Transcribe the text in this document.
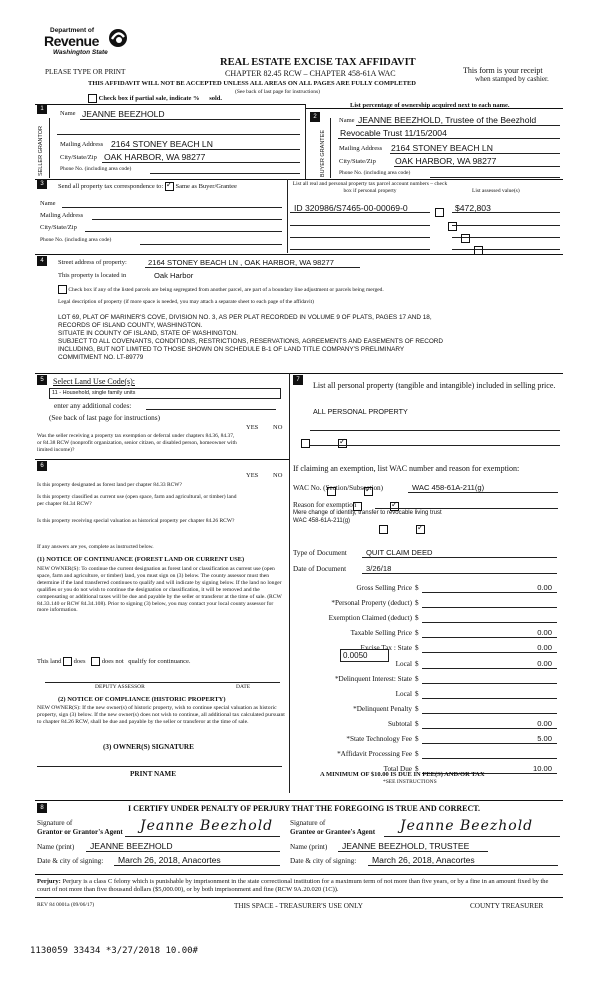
Department of
Revenue
Washington State
PLEASE TYPE OR PRINT
REAL ESTATE EXCISE TAX AFFIDAVIT
CHAPTER 82.45 RCW – CHAPTER 458-61A WAC	This form is your receipt
when stamped by cashier.
THIS AFFIDAVIT WILL NOT BE ACCEPTED UNLESS ALL AREAS ON ALL PAGES ARE FULLY COMPLETED
(See back of last page for instructions)
Check box if partial sale, indicate % sold.
List percentage of ownership acquired next to each name.
1
SELLER GRANTOR
Name JEANNE BEEZHOLD
Mailing Address 2164 STONEY BEACH LN
City/State/Zip OAK HARBOR, WA 98277
Phone No. (including area code)
2
BUYER GRANTEE
Name JEANNE BEEZHOLD, Trustee of the Beezhold
Revocable Trust 11/15/2004
Mailing Address 2164 STONEY BEACH LN
City/State/Zip OAK HARBOR, WA 98277
Phone No. (including area code)
3	Send all property tax correspondence to: ✓ Same as Buyer/Grantee
Name
Mailing Address
City/State/Zip
Phone No. (including area code)
List all real and personal property tax parcel account numbers – check box if personal property	List assessed value(s)
ID 320986/S7465-00-00069-0	$472,803

4	Street address of property:	2164 STONEY BEACH LN , OAK HARBOR, WA 98277
This property is located in	Oak Harbor
Check box if any of the listed parcels are being segregated from another parcel, are part of a boundary line adjustment or parcels being merged.
Legal description of property (if more space is needed, you may attach a separate sheet to each page of the affidavit)
LOT 69, PLAT OF MARINER'S COVE, DIVISION NO. 3, AS PER PLAT RECORDED IN VOLUME 9 OF PLATS, PAGES 17 AND 18,
RECORDS OF ISLAND COUNTY, WASHINGTON.
SITUATE IN COUNTY OF ISLAND, STATE OF WASHINGTON.
SUBJECT TO ALL COVENANTS, CONDITIONS, RESTRICTIONS, RESERVATIONS, AGREEMENTS AND EASEMENTS OF RECORD
INCLUDING, BUT NOT LIMITED TO THOSE SHOWN ON SCHEDULE B-1 OF LAND TITLE COMPANY'S PRELIMINARY
COMMITMENT NO. LT-89779
5	Select Land Use Code(s):
11 - Household, single family units
enter any additional codes:
(See back of last page for instructions)
YES NO
Was the seller receiving a property tax exemption or deferral under chapters 84.36, 84.37, or 84.38 RCW (nonprofit organization, senior citizen, or disabled person, homeowner with limited income)?
✓
7
List all personal property (tangible and intangible) included in selling price.
ALL PERSONAL PROPERTY
6
YES NO
Is this property designated as forest land per chapter 84.33 RCW?
✓
Is this property classified as current use (open space, farm and agricultural, or timber) land per chapter 84.34 RCW?
✓
Is this property receiving special valuation as historical property per chapter 84.26 RCW?
✓
If any answers are yes, complete as instructed below.
(1) NOTICE OF CONTINUANCE (FOREST LAND OR CURRENT USE)
NEW OWNER(S): To continue the current designation as forest land or classification as current use (open space, farm and agriculture, or timber) land, you must sign on (3) below. The county assessor must then determine if the land transferred continues to qualify and will indicate by signing below. If the land no longer qualifies or you do not wish to continue the designation or classification, it will be removed and the compensating or additional taxes will be due and payable by the seller or transferor at the time of sale. (RCW 84.33.140 or RCW 84.34.108). Prior to signing (3) below, you may contact your local county assessor for more information.
This land does	does not qualify for continuance.
DEPUTY ASSESSOR	DATE
(2) NOTICE OF COMPLIANCE (HISTORIC PROPERTY)
NEW OWNER(S): If the new owner(s) of historic property, wish to continue special valuation as historic property, sign (3) below. If the new owner(s) does not wish to continue, all additional tax calculated pursuant to chapter 84.26 RCW, shall be due and payable by the seller or transferor at the time of sale.
(3) OWNER(S) SIGNATURE
PRINT NAME
If claiming an exemption, list WAC number and reason for exemption:
WAC No. (Section/Subsection)	WAC 458-61A-211(g)
Reason for exemption
Mere change of identity, transfer to revocable living trust
WAC 458-61A-211(g)
Type of Document	QUIT CLAIM DEED
Date of Document	3/26/18
Gross Selling Price $	0.00
*Personal Property (deduct) $
Exemption Claimed (deduct) $
Taxable Selling Price $	0.00
Excise Tax : State $	0.00
Local $	0.00
*Delinquent Interest: State $
Local $
*Delinquent Penalty $
Subtotal $	0.00
*State Technology Fee $	5.00
*Affidavit Processing Fee $
Total Due $	10.00
0.0050
A MINIMUM OF $10.00 IS DUE IN FEE(S) AND/OR TAX
*SEE INSTRUCTIONS
8	I CERTIFY UNDER PENALTY OF PERJURY THAT THE FOREGOING IS TRUE AND CORRECT.
Signature of
Grantor or Grantor's Agent Jeanne Beezhold
Name (print) JEANNE BEEZHOLD
Date & city of signing: March 26, 2018, Anacortes
Signature of
Grantee or Grantee's Agent Jeanne Beezhold
Name (print) JEANNE BEEZHOLD, TRUSTEE
Date & city of signing: March 26, 2018, Anacortes
Perjury: Perjury is a class C felony which is punishable by imprisonment in the state correctional institution for a maximum term of not more than five years, or by a fine in an amount fixed by the court of not more than five thousand dollars ($5,000.00), or by both imprisonment and fine (RCW 9A.20.020 (1C)).
REV 84 0001a (09/06/17)	THIS SPACE - TREASURER'S USE ONLY	COUNTY TREASURER
1130059 33434 *3/27/2018 10.00#
